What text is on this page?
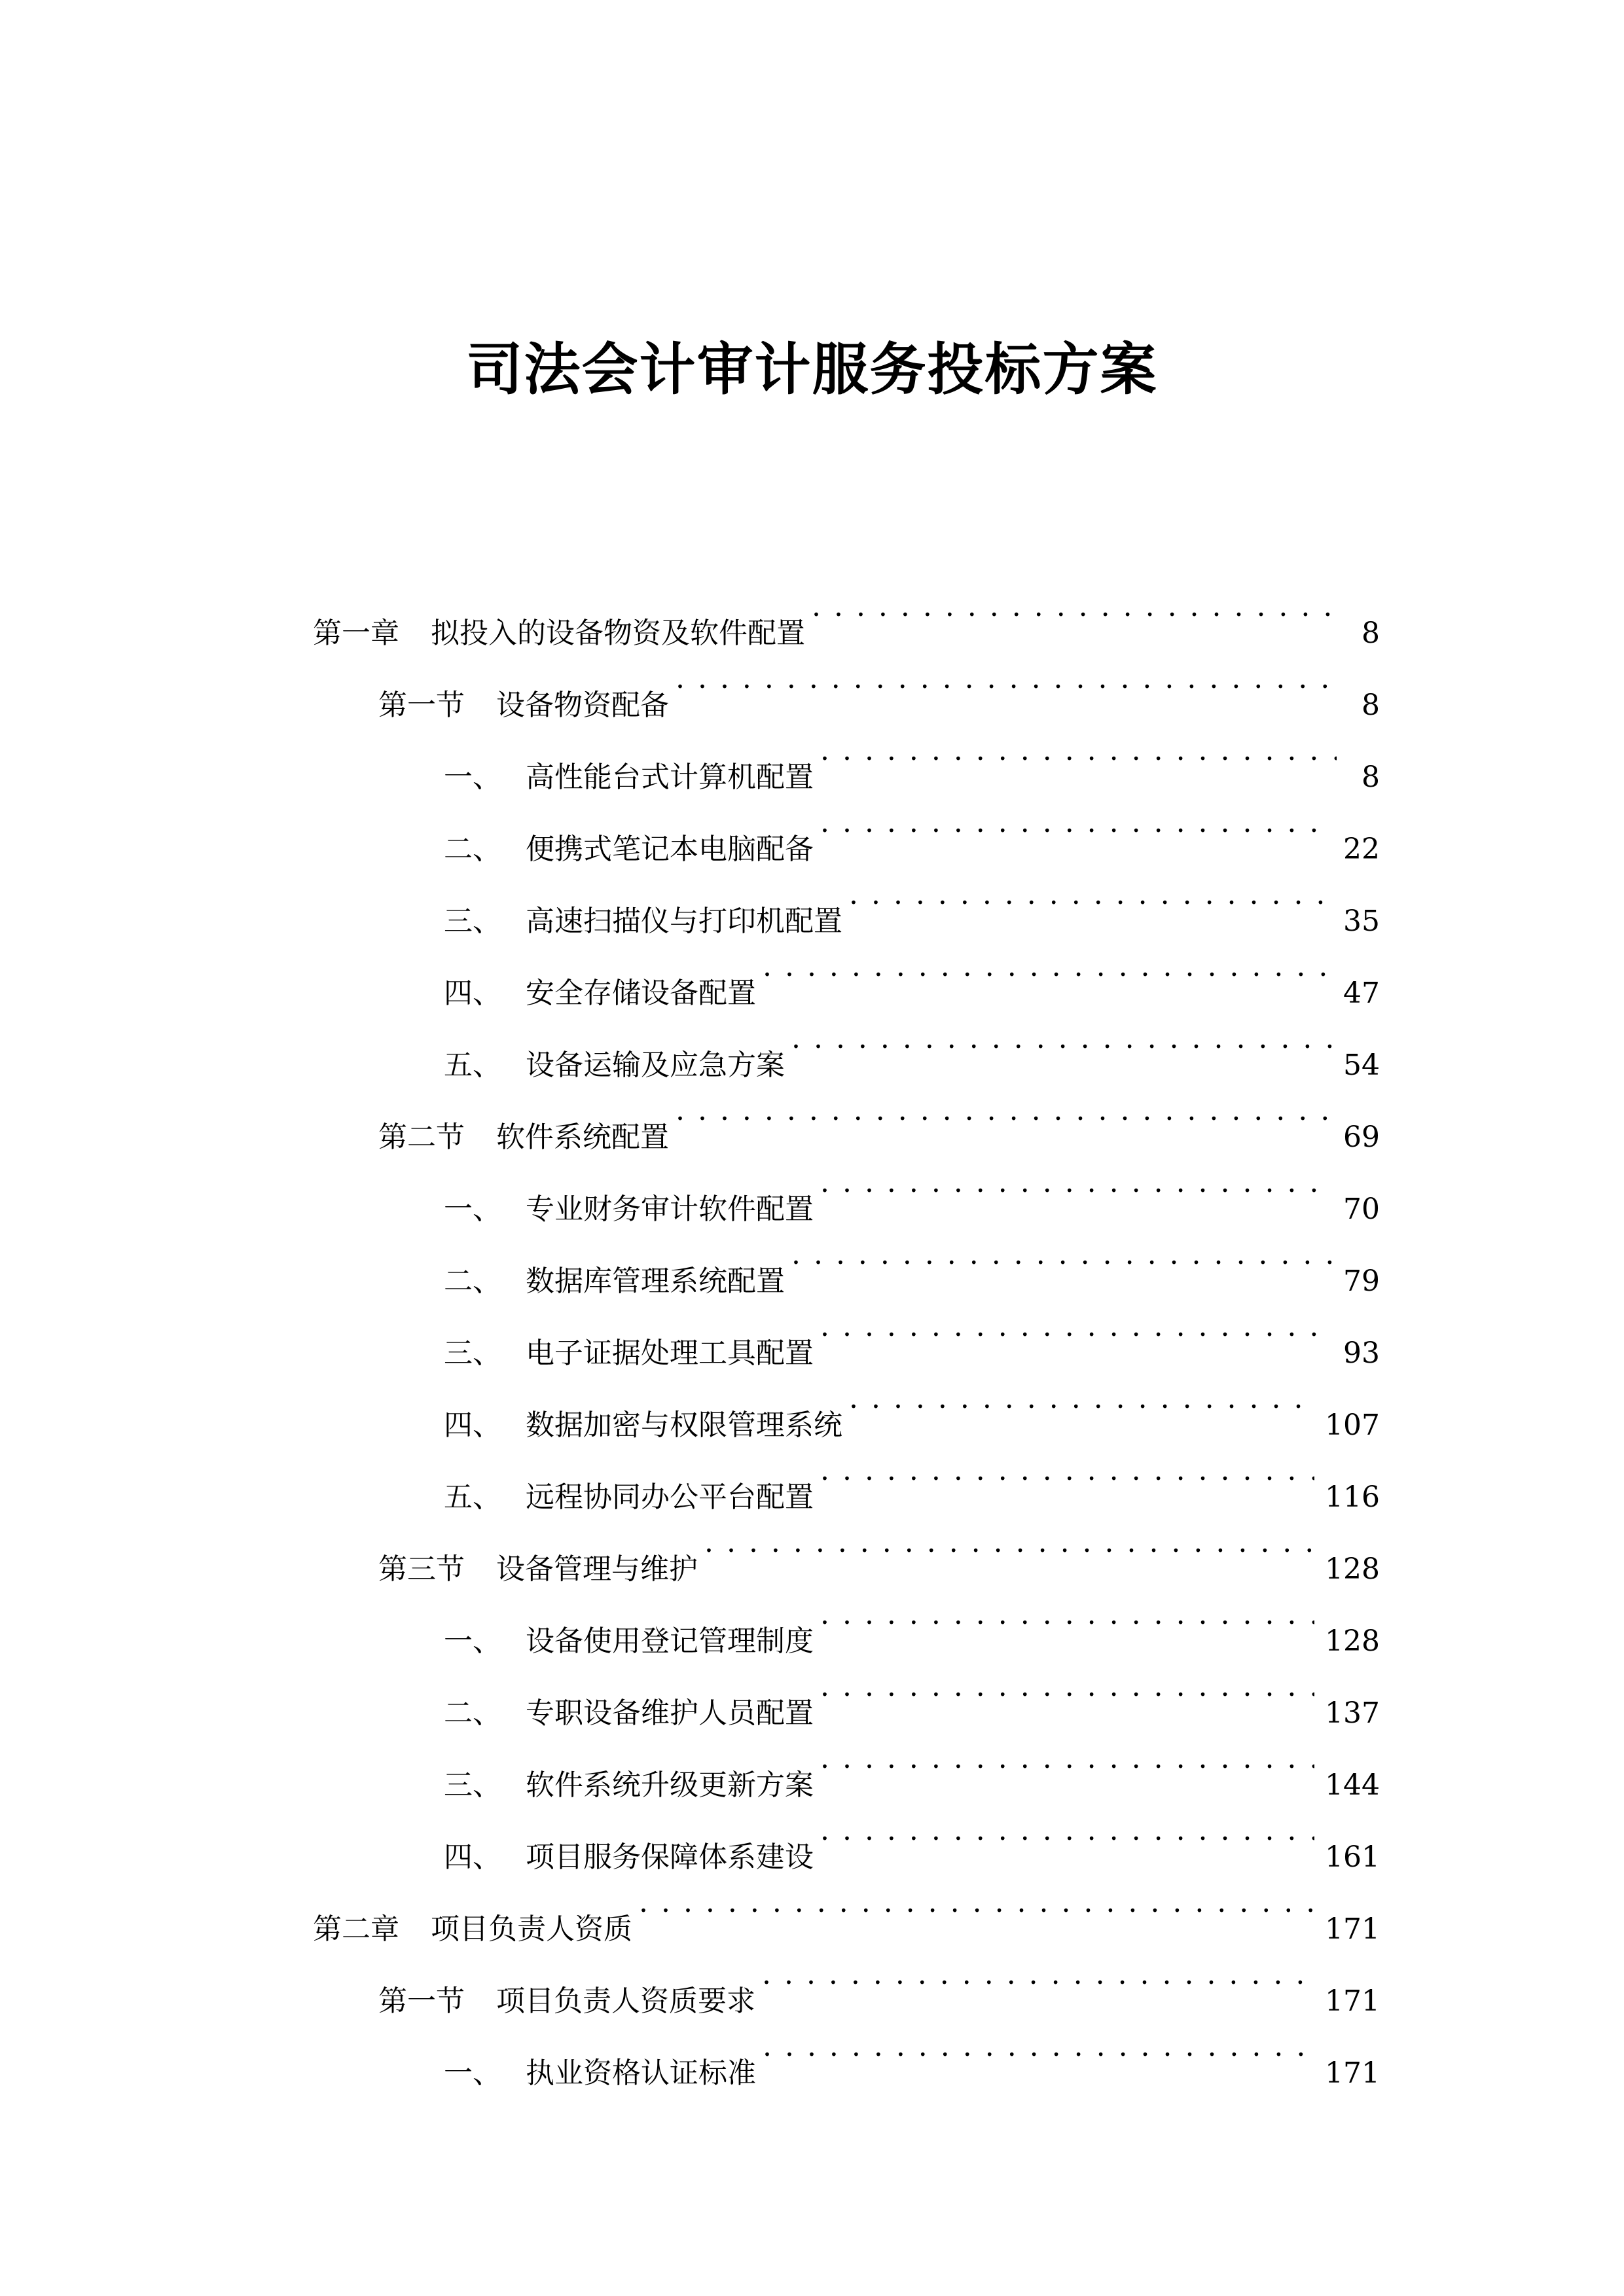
司法会计审计服务投标方案
第一章	拟投入的设备物资及软件配置 . . .	8
第一节	设备物资配备 . . .	8
一、 高性能台式计算机配置 . . .	8
二、 便携式笔记本电脑配备 . . .	22
三、 高速扫描仪与打印机配置 . . .	35
四、 安全存储设备配置 . . .	47
五、 设备运输及应急方案 . . .	54
第二节	软件系统配置 . . .	69
一、 专业财务审计软件配置 . . .	70
二、 数据库管理系统配置 . . .	79
三、 电子证据处理工具配置 . . .	93
四、 数据加密与权限管理系统 . . .	107
五、 远程协同办公平台配置 . . .	116
第三节	设备管理与维护 . . .	128
一、 设备使用登记管理制度 . . .	128
二、 专职设备维护人员配置 . . .	137
三、 软件系统升级更新方案 . . .	144
四、 项目服务保障体系建设 . . .	161
第二章	项目负责人资质 . . .	171
第一节	项目负责人资质要求 . . .	171
一、 执业资格认证标准 . . .	171
